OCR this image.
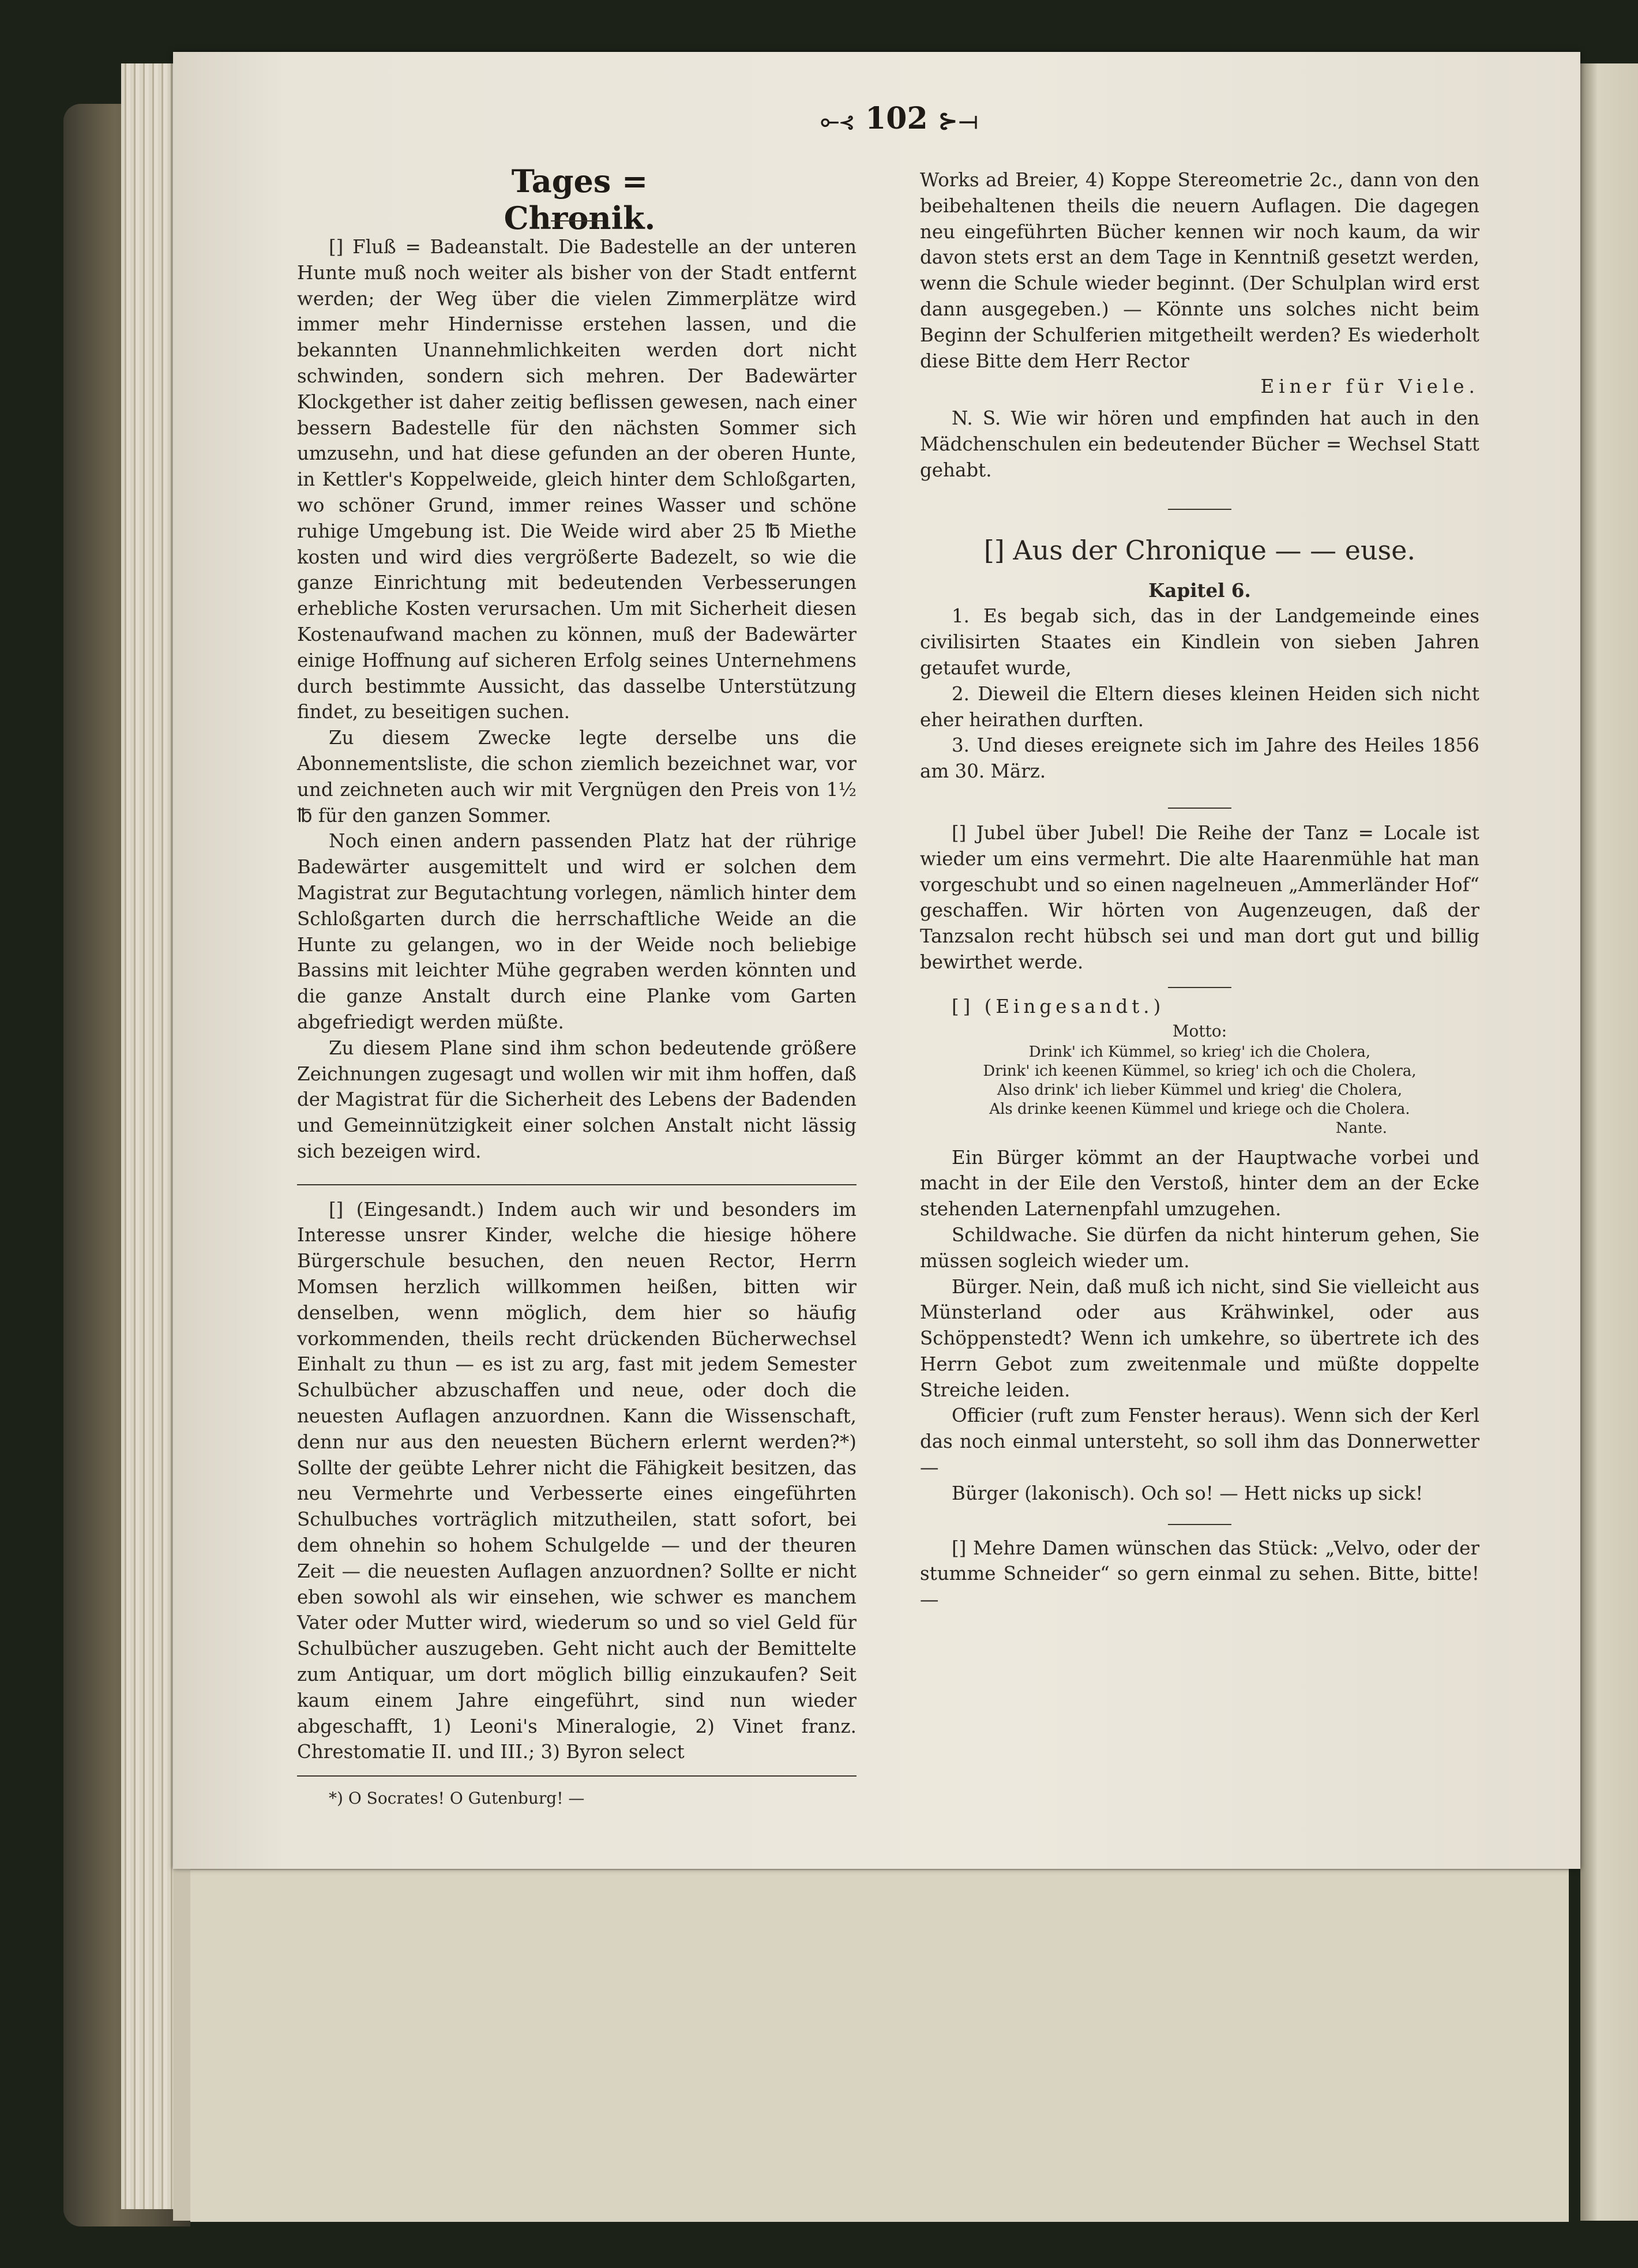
⟜⊰ 102 ⊱⟞
Tages = Chronik.

[] Fluß = Badeanstalt. Die Badestelle an der unteren Hunte muß noch weiter als bisher von der Stadt entfernt werden; der Weg über die vielen Zimmerplätze wird immer mehr Hindernisse erstehen lassen, und die bekannten Unannehmlichkeiten werden dort nicht schwinden, sondern sich mehren. Der Badewärter Klockgether ist daher zeitig beflissen gewesen, nach einer bessern Badestelle für den nächsten Sommer sich umzusehn, und hat diese gefunden an der oberen Hunte, in Kettler's Koppelweide, gleich hinter dem Schloßgarten, wo schöner Grund, immer reines Wasser und schöne ruhige Umgebung ist. Die Weide wird aber 25 ℔ Miethe kosten und wird dies vergrößerte Badezelt, so wie die ganze Einrichtung mit bedeutenden Verbesserungen erhebliche Kosten verursachen. Um mit Sicherheit diesen Kostenaufwand machen zu können, muß der Badewärter einige Hoffnung auf sicheren Erfolg seines Unternehmens durch bestimmte Aussicht, das dasselbe Unterstützung findet, zu beseitigen suchen.

Zu diesem Zwecke legte derselbe uns die Abonnementsliste, die schon ziemlich bezeichnet war, vor und zeichneten auch wir mit Vergnügen den Preis von 1½ ℔ für den ganzen Sommer.

Noch einen andern passenden Platz hat der rührige Badewärter ausgemittelt und wird er solchen dem Magistrat zur Begutachtung vorlegen, nämlich hinter dem Schloßgarten durch die herrschaftliche Weide an die Hunte zu gelangen, wo in der Weide noch beliebige Bassins mit leichter Mühe gegraben werden könnten und die ganze Anstalt durch eine Planke vom Garten abgefriedigt werden müßte.

Zu diesem Plane sind ihm schon bedeutende größere Zeichnungen zugesagt und wollen wir mit ihm hoffen, daß der Magistrat für die Sicherheit des Lebens der Badenden und Gemeinnützigkeit einer solchen Anstalt nicht lässig sich bezeigen wird.

[] (Eingesandt.) Indem auch wir und besonders im Interesse unsrer Kinder, welche die hiesige höhere Bürgerschule besuchen, den neuen Rector, Herrn Momsen herzlich willkommen heißen, bitten wir denselben, wenn möglich, dem hier so häufig vorkommenden, theils recht drückenden Bücherwechsel Einhalt zu thun — es ist zu arg, fast mit jedem Semester Schulbücher abzuschaffen und neue, oder doch die neuesten Auflagen anzuordnen. Kann die Wissenschaft, denn nur aus den neuesten Büchern erlernt werden?*) Sollte der geübte Lehrer nicht die Fähigkeit besitzen, das neu Vermehrte und Verbesserte eines eingeführten Schulbuches vorträglich mitzutheilen, statt sofort, bei dem ohnehin so hohem Schulgelde — und der theuren Zeit — die neuesten Auflagen anzuordnen? Sollte er nicht eben sowohl als wir einsehen, wie schwer es manchem Vater oder Mutter wird, wiederum so und so viel Geld für Schulbücher auszugeben. Geht nicht auch der Bemittelte zum Antiquar, um dort möglich billig einzukaufen? Seit kaum einem Jahre eingeführt, sind nun wieder abgeschafft, 1) Leoni's Mineralogie, 2) Vinet franz. Chrestomatie II. und III.; 3) Byron select

*) O Socrates! O Gutenburg! —

Works ad Breier, 4) Koppe Stereometrie 2c., dann von den beibehaltenen theils die neuern Auflagen. Die dagegen neu eingeführten Bücher kennen wir noch kaum, da wir davon stets erst an dem Tage in Kenntniß gesetzt werden, wenn die Schule wieder beginnt. (Der Schulplan wird erst dann ausgegeben.) — Könnte uns solches nicht beim Beginn der Schulferien mitgetheilt werden? Es wiederholt diese Bitte dem Herr Rector

Einer für Viele.

N. S. Wie wir hören und empfinden hat auch in den Mädchenschulen ein bedeutender Bücher = Wechsel Statt gehabt.

[] Aus der Chronique — — euse.

Kapitel 6.

1. Es begab sich, das in der Landgemeinde eines civilisirten Staates ein Kindlein von sieben Jahren getaufet wurde,

2. Dieweil die Eltern dieses kleinen Heiden sich nicht eher heirathen durften.

3. Und dieses ereignete sich im Jahre des Heiles 1856 am 30. März.

[] Jubel über Jubel! Die Reihe der Tanz = Locale ist wieder um eins vermehrt. Die alte Haarenmühle hat man vorgeschubt und so einen nagelneuen „Ammerländer Hof“ geschaffen. Wir hörten von Augenzeugen, daß der Tanzsalon recht hübsch sei und man dort gut und billig bewirthet werde.

[] (Eingesandt.)

Motto:

Drink' ich Kümmel, so krieg' ich die Cholera,

Drink' ich keenen Kümmel, so krieg' ich och die Cholera,

Also drink' ich lieber Kümmel und krieg' die Cholera,

Als drinke keenen Kümmel und kriege och die Cholera.

Nante.

Ein Bürger kömmt an der Hauptwache vorbei und macht in der Eile den Verstoß, hinter dem an der Ecke stehenden Laternenpfahl umzugehen.

Schildwache. Sie dürfen da nicht hinterum gehen, Sie müssen sogleich wieder um.

Bürger. Nein, daß muß ich nicht, sind Sie vielleicht aus Münsterland oder aus Krähwinkel, oder aus Schöppenstedt? Wenn ich umkehre, so übertrete ich des Herrn Gebot zum zweitenmale und müßte doppelte Streiche leiden.

Officier (ruft zum Fenster heraus). Wenn sich der Kerl das noch einmal untersteht, so soll ihm das Donnerwetter —

Bürger (lakonisch). Och so! — Hett nicks up sick!

[] Mehre Damen wünschen das Stück: „Velvo, oder der stumme Schneider“ so gern einmal zu sehen. Bitte, bitte! —
